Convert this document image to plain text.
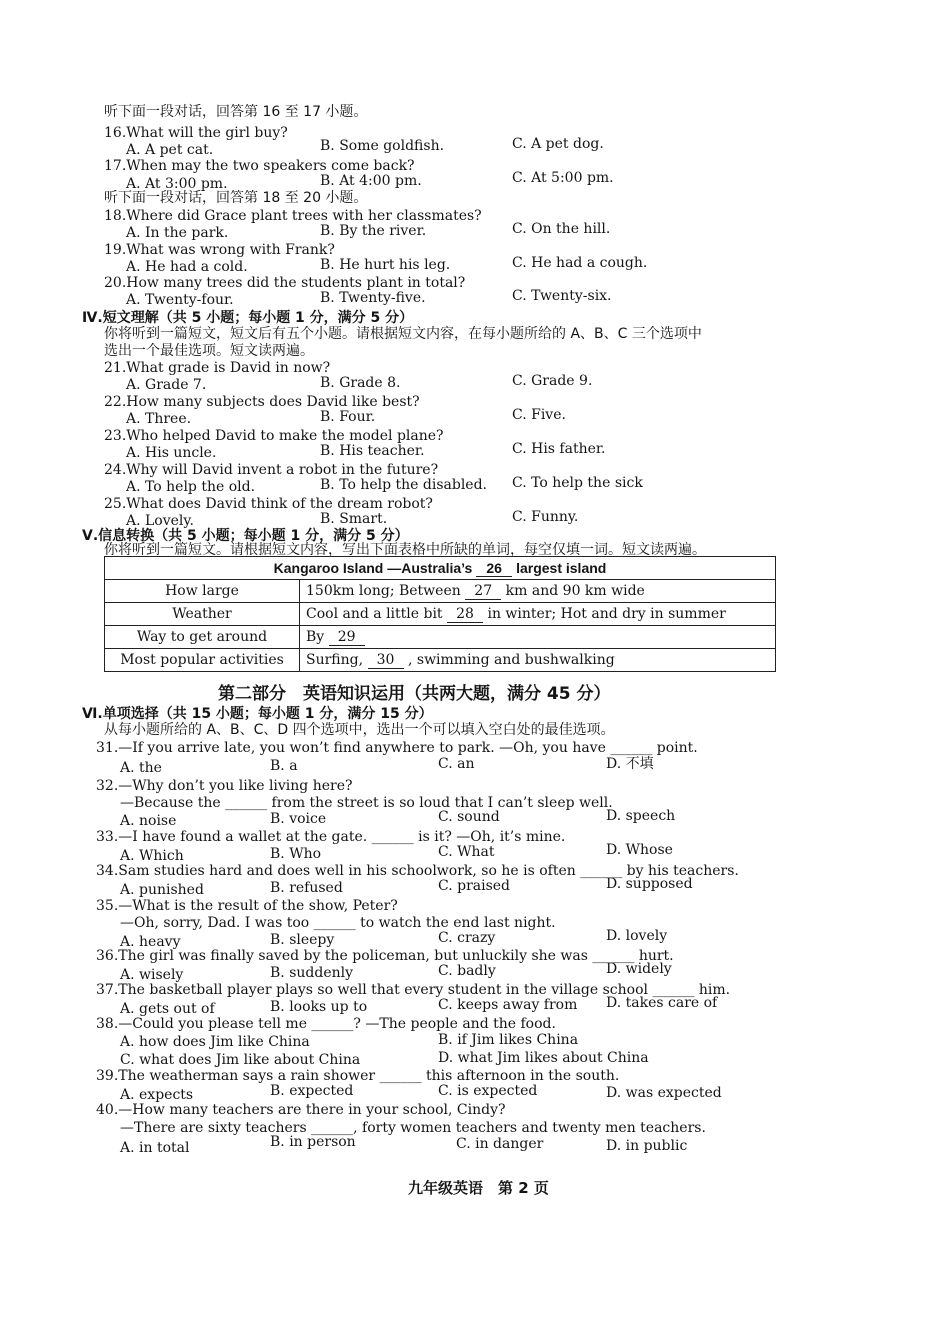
听下面一段对话，回答第 16 至 17 小题。
16.What will the girl buy?
A. A pet cat.	B. Some goldfish.	C. A pet dog.
17.When may the two speakers come back?
A. At 3:00 pm.	B. At 4:00 pm.	C. At 5:00 pm.
听下面一段对话，回答第 18 至 20 小题。
18.Where did Grace plant trees with her classmates?
A. In the park.	B. By the river.	C. On the hill.
19.What was wrong with Frank?
A. He had a cold.	B. He hurt his leg.	C. He had a cough.
20.How many trees did the students plant in total?
A. Twenty-four.	B. Twenty-five.	C. Twenty-six.
Ⅳ.短文理解（共 5 小题；每小题 1 分，满分 5 分）
你将听到一篇短文，短文后有五个小题。请根据短文内容，在每小题所给的 A、B、C 三个选项中
选出一个最佳选项。短文读两遍。
21.What grade is David in now?
A. Grade 7.	B. Grade 8.	C. Grade 9.
22.How many subjects does David like best?
A. Three.	B. Four.	C. Five.
23.Who helped David to make the model plane?
A. His uncle.	B. His teacher.	C. His father.
24.Why will David invent a robot in the future?
A. To help the old.	B. To help the disabled. C. To help the sick
25.What does David think of the dream robot?
A. Lovely.	B. Smart.	C. Funny.
Ⅴ.信息转换（共 5 小题；每小题 1 分，满分 5 分）
你将听到一篇短文。请根据短文内容，写出下面表格中所缺的单词，每空仅填一词。短文读两遍。
Kangaroo Island —Australia’s 26 largest island	
How large	150km long; Between 27 km and 90 km wide
Weather	Cool and a little bit 28 in winter; Hot and dry in summer
Way to get around	By 29
Most popular activities	Surfing, 30 , swimming and bushwalking
第二部分　英语知识运用（共两大题，满分 45 分）
Ⅵ.单项选择（共 15 小题；每小题 1 分，满分 15 分）
从每小题所给的 A、B、C、D 四个选项中，选出一个可以填入空白处的最佳选项。
31.—If you arrive late, you won’t find anywhere to park. —Oh, you have ______ point.
A. the	B. a	C. an	D. 不填
32.—Why don’t you like living here?
—Because the ______ from the street is so loud that I can’t sleep well.
A. noise	B. voice	C. sound	D. speech
33.—I have found a wallet at the gate. ______ is it? —Oh, it’s mine.
A. Which	B. Who	C. What	D. Whose
34.Sam studies hard and does well in his schoolwork, so he is often ______ by his teachers.
A. punished	B. refused	C. praised	D. supposed
35.—What is the result of the show, Peter?
—Oh, sorry, Dad. I was too ______ to watch the end last night.
A. heavy	B. sleepy	C. crazy	D. lovely
36.The girl was finally saved by the policeman, but unluckily she was ______ hurt.
A. wisely	B. suddenly	C. badly	D. widely
37.The basketball player plays so well that every student in the village school ______ him.
A. gets out of	B. looks up to	C. keeps away from D. takes care of
38.—Could you please tell me ______? —The people and the food.
A. how does Jim like China	B. if Jim likes China
C. what does Jim like about China	D. what Jim likes about China
39.The weatherman says a rain shower ______ this afternoon in the south.
A. expects	B. expected	C. is expected	D. was expected
40.—How many teachers are there in your school, Cindy?
—There are sixty teachers ______, forty women teachers and twenty men teachers.
A. in total	B. in person	C. in danger	D. in public
九年级英语　第 2 页
